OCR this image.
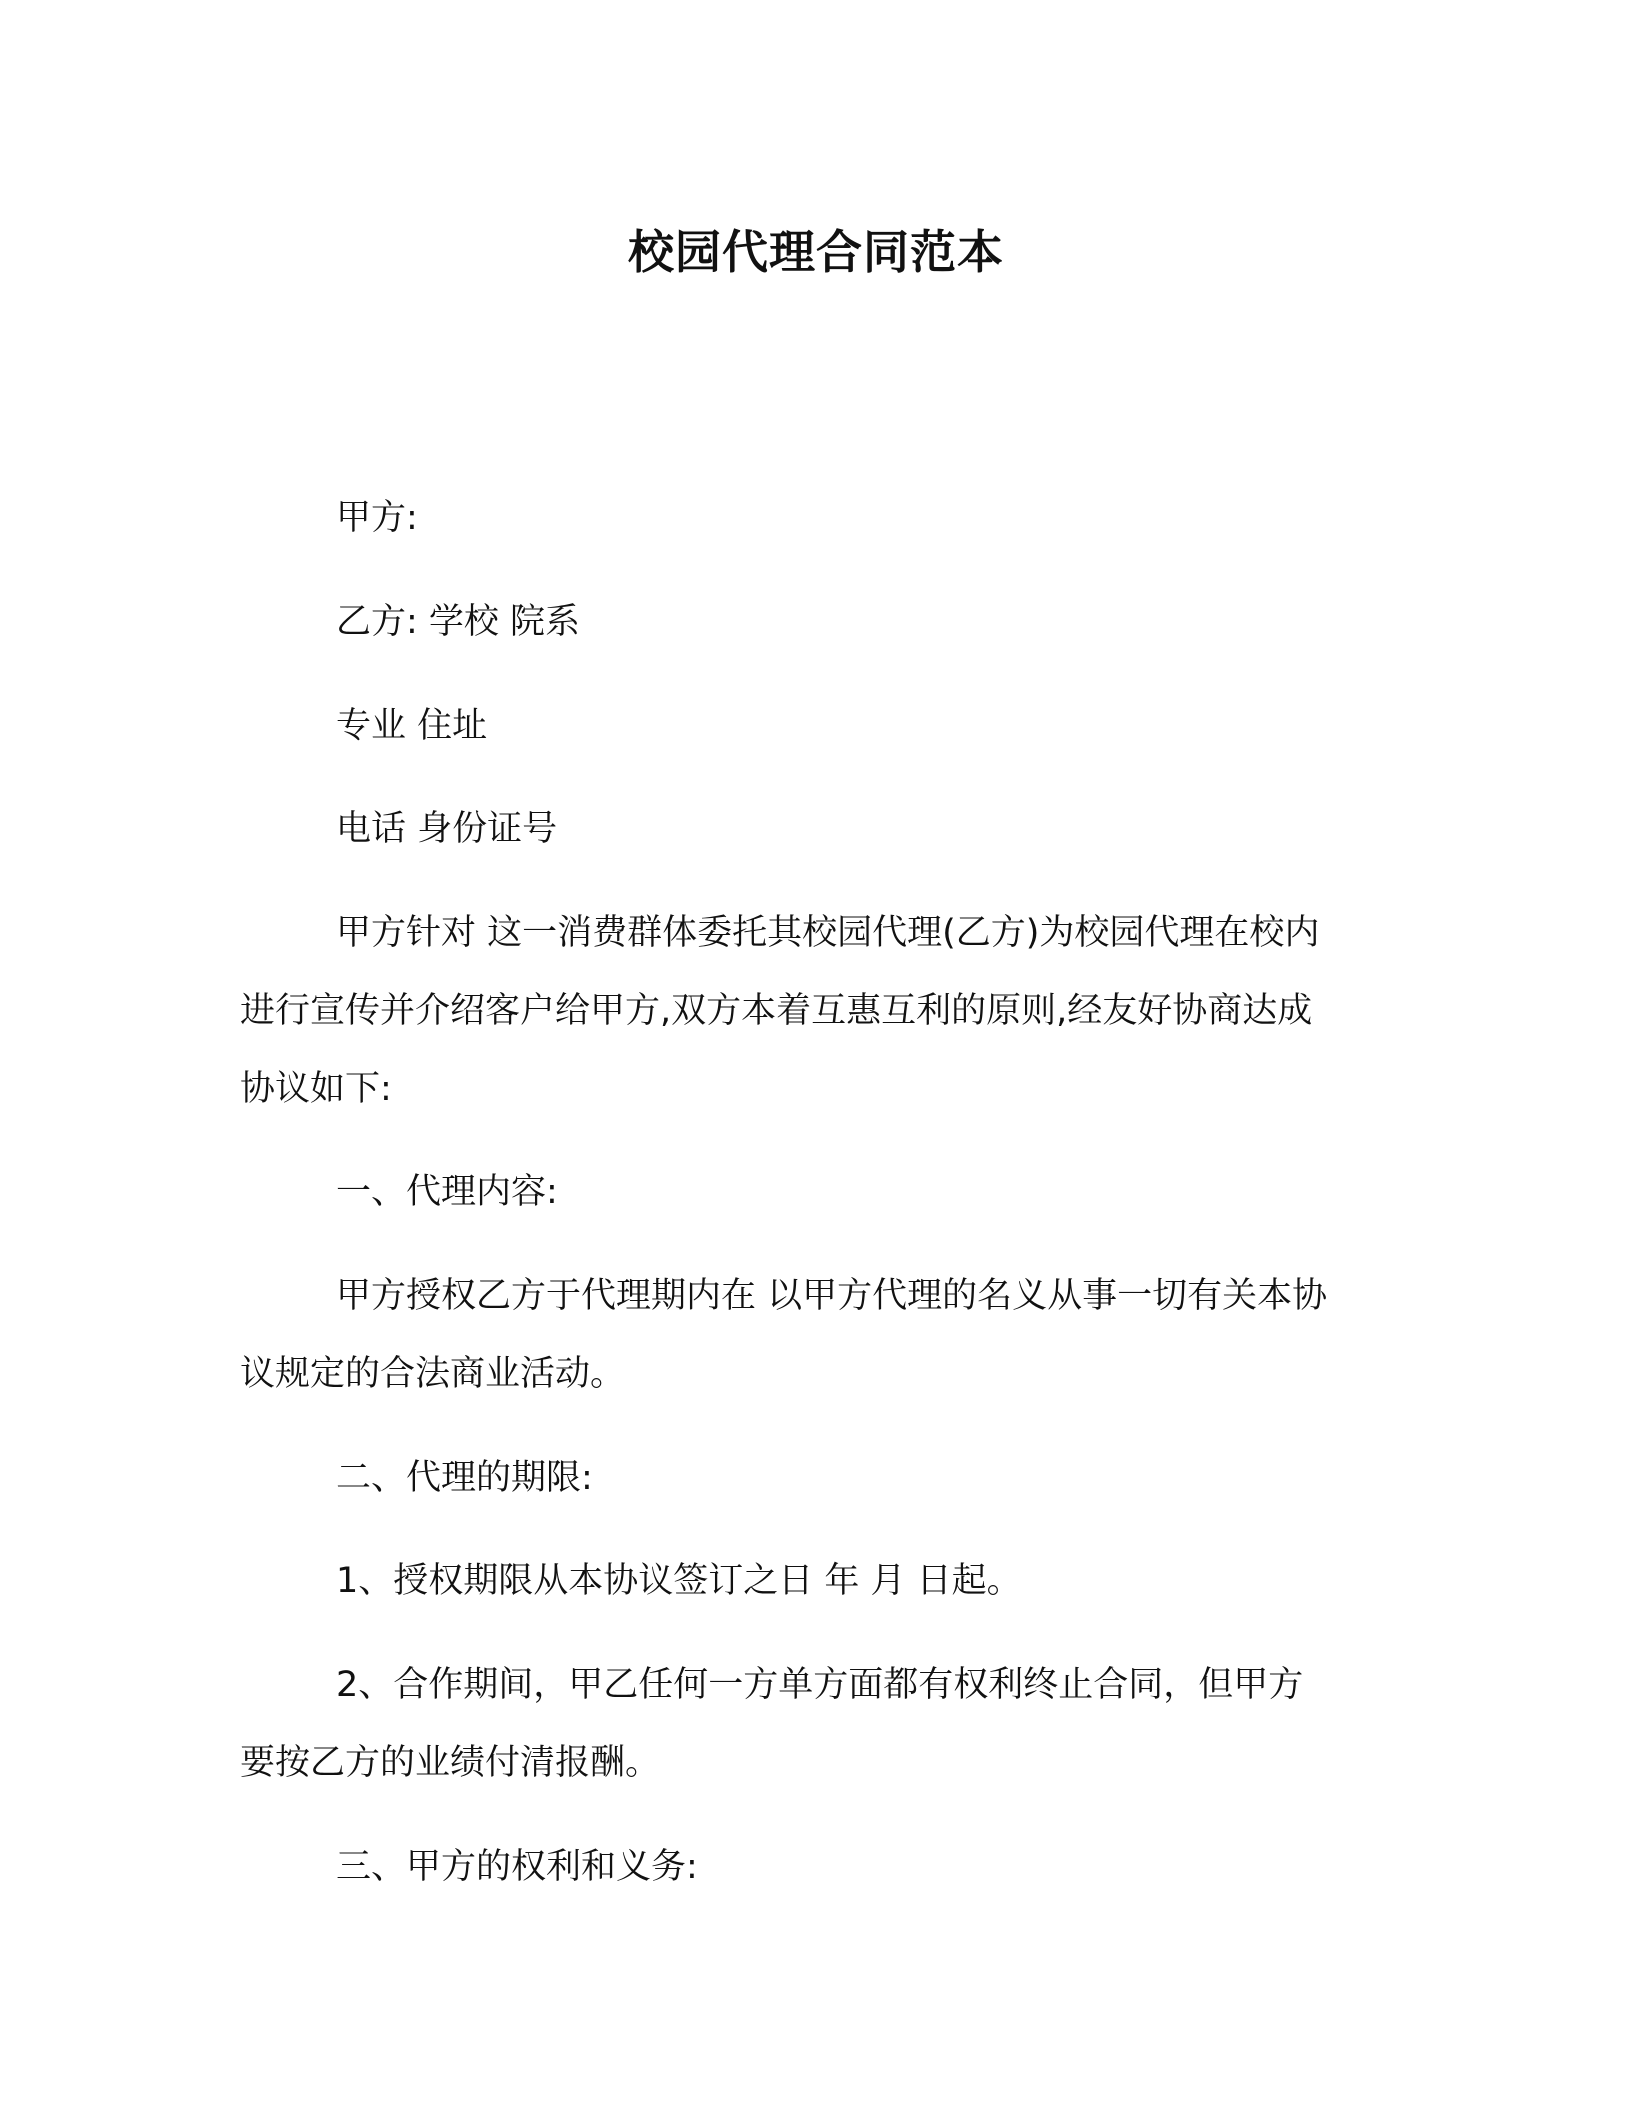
校园代理合同范本

甲方:

乙方: 学校 院系

专业 住址

电话 身份证号

甲方针对 这一消费群体委托其校园代理(乙方)为校园代理在校内
进行宣传并介绍客户给甲方,双方本着互惠互利的原则,经友好协商达成
协议如下:

一、代理内容:

甲方授权乙方于代理期内在 以甲方代理的名义从事一切有关本协
议规定的合法商业活动。

二、代理的期限:

1、授权期限从本协议签订之日 年 月 日起。

2、合作期间，甲乙任何一方单方面都有权利终止合同，但甲方
要按乙方的业绩付清报酬。

三、甲方的权利和义务:
